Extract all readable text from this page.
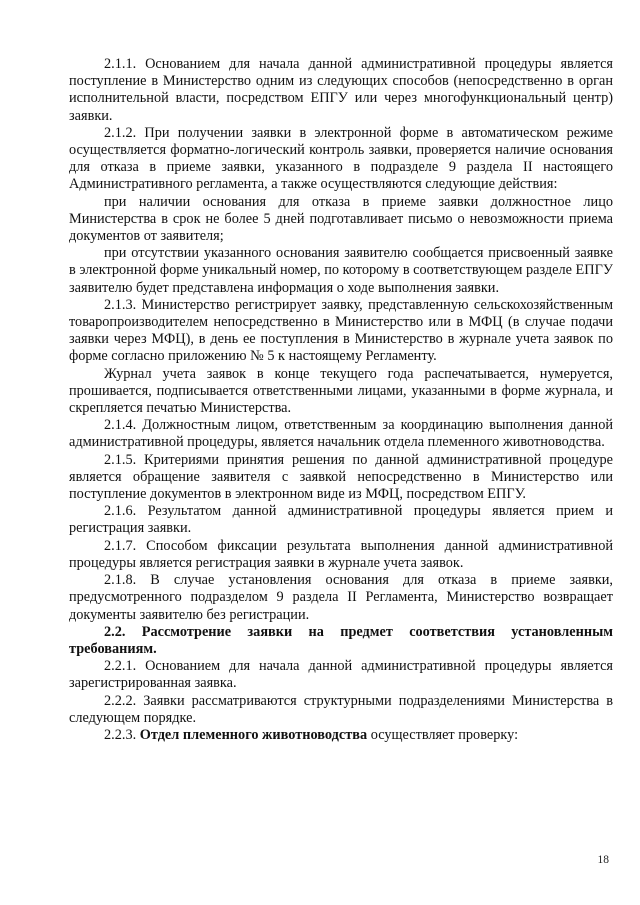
2.1.1. Основанием для начала данной административной процедуры является поступление в Министерство одним из следующих способов (непосредственно в орган исполнительной власти, посредством ЕПГУ или через многофункциональный центр) заявки.

2.1.2. При получении заявки в электронной форме в автоматическом режиме осуществляется форматно-логический контроль заявки, проверяется наличие основания для отказа в приеме заявки, указанного в подразделе 9 раздела II настоящего Административного регламента, а также осуществляются следующие действия:

при наличии основания для отказа в приеме заявки должностное лицо Министерства в срок не более 5 дней подготавливает письмо о невозможности приема документов от заявителя;

при отсутствии указанного основания заявителю сообщается присвоенный заявке в электронной форме уникальный номер, по которому в соответствующем разделе ЕПГУ заявителю будет представлена информация о ходе выполнения заявки.

2.1.3. Министерство регистрирует заявку, представленную сельскохозяйственным товаропроизводителем непосредственно в Министерство или в МФЦ (в случае подачи заявки через МФЦ), в день ее поступления в Министерство в журнале учета заявок по форме согласно приложению № 5 к настоящему Регламенту.

Журнал учета заявок в конце текущего года распечатывается, нумеруется, прошивается, подписывается ответственными лицами, указанными в форме журнала, и скрепляется печатью Министерства.

2.1.4. Должностным лицом, ответственным за координацию выполнения данной административной процедуры, является начальник отдела племенного животноводства.

2.1.5. Критериями принятия решения по данной административной процедуре является обращение заявителя с заявкой непосредственно в Министерство или поступление документов в электронном виде из МФЦ, посредством ЕПГУ.

2.1.6. Результатом данной административной процедуры является прием и регистрация заявки.

2.1.7. Способом фиксации результата выполнения данной административной процедуры является регистрация заявки в журнале учета заявок.

2.1.8. В случае установления основания для отказа в приеме заявки, предусмотренного подразделом 9 раздела II Регламента, Министерство возвращает документы заявителю без регистрации.

2.2. Рассмотрение заявки на предмет соответствия установленным требованиям.

2.2.1. Основанием для начала данной административной процедуры является зарегистрированная заявка.

2.2.2. Заявки рассматриваются структурными подразделениями Министерства в следующем порядке.

2.2.3. Отдел племенного животноводства осуществляет проверку:

18
